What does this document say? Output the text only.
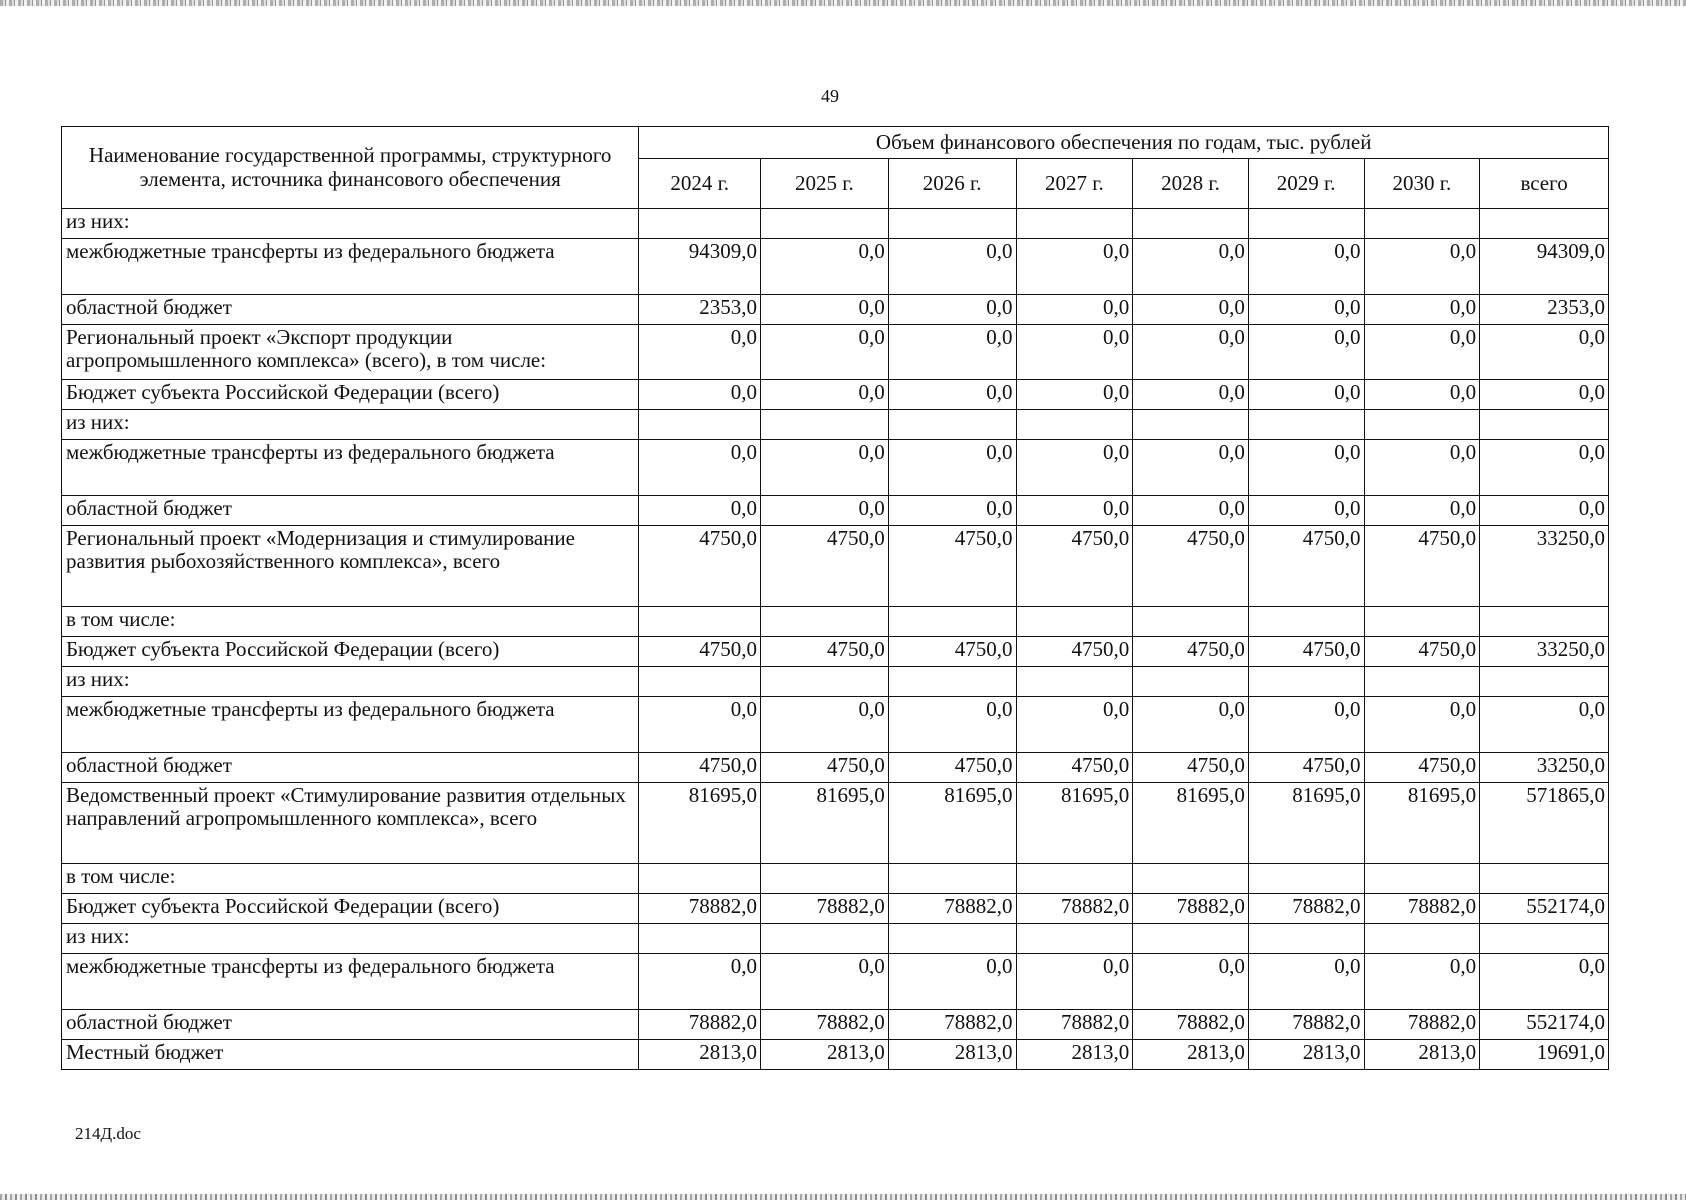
49
Наименование государственной программы, структурного элемента, источника финансового обеспечения	Объем финансового обеспечения по годам, тыс. рублей							
	2024 г.	2025 г.	2026 г.	2027 г.	2028 г.	2029 г.	2030 г.	всего
из них:								
межбюджетные трансферты из федерального бюджета	94309,0	0,0	0,0	0,0	0,0	0,0	0,0	94309,0
областной бюджет	2353,0	0,0	0,0	0,0	0,0	0,0	0,0	2353,0
Региональный проект «Экспорт продукции агропромышленного комплекса» (всего), в том числе:	0,0	0,0	0,0	0,0	0,0	0,0	0,0	0,0
Бюджет субъекта Российской Федерации (всего)	0,0	0,0	0,0	0,0	0,0	0,0	0,0	0,0
из них:								
межбюджетные трансферты из федерального бюджета	0,0	0,0	0,0	0,0	0,0	0,0	0,0	0,0
областной бюджет	0,0	0,0	0,0	0,0	0,0	0,0	0,0	0,0
Региональный проект «Модернизация и стимулирование развития рыбохозяйственного комплекса», всего	4750,0	4750,0	4750,0	4750,0	4750,0	4750,0	4750,0	33250,0
в том числе:								
Бюджет субъекта Российской Федерации (всего)	4750,0	4750,0	4750,0	4750,0	4750,0	4750,0	4750,0	33250,0
из них:								
межбюджетные трансферты из федерального бюджета	0,0	0,0	0,0	0,0	0,0	0,0	0,0	0,0
областной бюджет	4750,0	4750,0	4750,0	4750,0	4750,0	4750,0	4750,0	33250,0
Ведомственный проект «Стимулирование развития отдельных направлений агропромышленного комплекса», всего	81695,0	81695,0	81695,0	81695,0	81695,0	81695,0	81695,0	571865,0
в том числе:								
Бюджет субъекта Российской Федерации (всего)	78882,0	78882,0	78882,0	78882,0	78882,0	78882,0	78882,0	552174,0
из них:								
межбюджетные трансферты из федерального бюджета	0,0	0,0	0,0	0,0	0,0	0,0	0,0	0,0
областной бюджет	78882,0	78882,0	78882,0	78882,0	78882,0	78882,0	78882,0	552174,0
Местный бюджет	2813,0	2813,0	2813,0	2813,0	2813,0	2813,0	2813,0	19691,0
214Д.doc
